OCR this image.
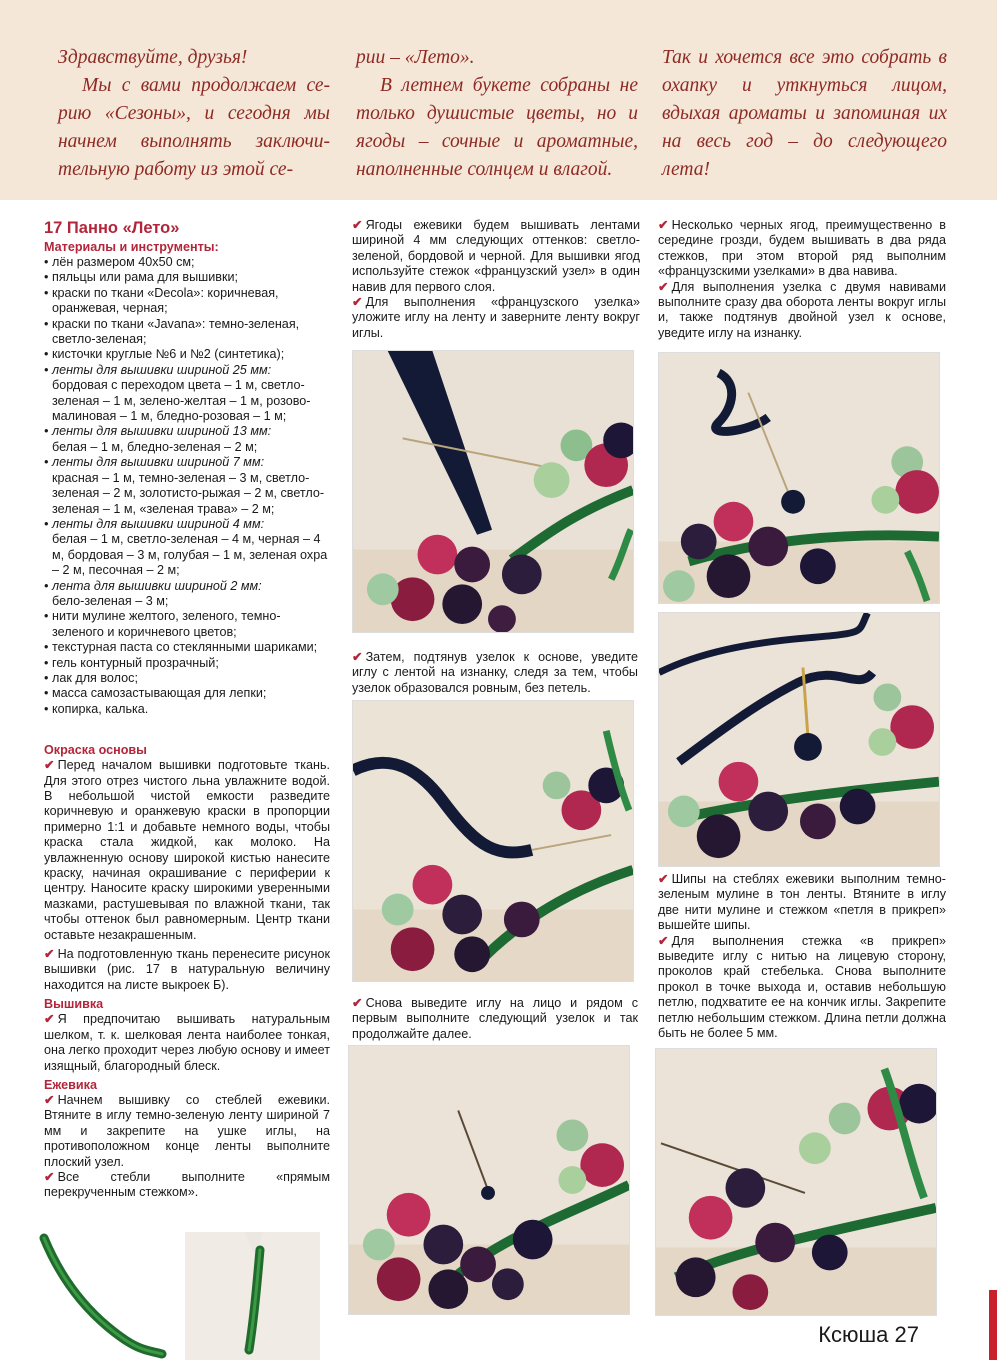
Здравствуйте, друзья!

Мы с вами продолжаем се-рию «Сезоны», и сегодня мы начнем выполнять заключи-тельную работу из этой се-

рии – «Лето».

В летнем букете собраны не только душистые цветы, но и ягоды – сочные и ароматные, наполненные солнцем и влагой.

Так и хочется все это собрать в охапку и уткнуться лицом, вдыхая ароматы и запоминая их на весь год – до следующего лета!

17 Панно «Лето»
Материалы и инструменты:
• лён размером 40х50 см;
• пяльцы или рама для вышивки;
• краски по ткани «Decola»: коричневая, оранжевая, черная;
• краски по ткани «Javana»: темно-зеленая, светло-зеленая;
• кисточки круглые №6 и №2 (синтетика);
• ленты для вышивки шириной 25 мм:
бордовая с переходом цвета – 1 м, светло-зеленая – 1 м, зелено-желтая – 1 м, розово-малиновая – 1 м, бледно-розовая – 1 м;
• ленты для вышивки шириной 13 мм:
белая – 1 м, бледно-зеленая – 2 м;
• ленты для вышивки шириной 7 мм:
красная – 1 м, темно-зеленая – 3 м, светло-зеленая – 2 м, золотисто-рыжая – 2 м, светло-зеленая – 1 м, «зеленая трава» – 2 м;
• ленты для вышивки шириной 4 мм:
белая – 1 м, светло-зеленая – 4 м, черная – 4 м, бордовая – 3 м, голубая – 1 м, зеленая охра – 2 м, песочная – 2 м;
• лента для вышивки шириной 2 мм:
бело-зеленая – 3 м;
• нити мулине желтого, зеленого, темно-зеленого и коричневого цветов;
• текстурная паста со стеклянными шариками;
• гель контурный прозрачный;
• лак для волос;
• масса самозастывающая для лепки;
• копирка, калька.
Окраска основы

✔ Перед началом вышивки подготовьте ткань. Для этого отрез чистого льна увлажните водой. В небольшой чистой емкости разведите коричневую и оранжевую краски в пропорции примерно 1:1 и добавьте немного воды, чтобы краска стала жидкой, как молоко. На увлажненную основу широкой кистью нанесите краску, начиная окрашивание с периферии к центру. Наносите краску широкими уверенными мазками, растушевывая по влажной ткани, так чтобы оттенок был равномерным. Центр ткани оставьте незакрашенным.

✔ На подготовленную ткань перенесите рисунок вышивки (рис. 17 в натуральную величину находится на листе выкроек Б).

Вышивка

✔ Я предпочитаю вышивать натуральным шелком, т. к. шелковая лента наиболее тонкая, она легко проходит через любую основу и имеет изящный, благородный блеск.

Ежевика

✔ Начнем вышивку со стеблей ежевики. Втяните в иглу темно-зеленую ленту шириной 7 мм и закрепите на ушке иглы, на противоположном конце ленты выполните плоский узел.

✔ Все стебли выполните «прямым перекрученным стежком».

✔ Ягоды ежевики будем вышивать лентами шириной 4 мм следующих оттенков: светло-зеленой, бордовой и черной. Для вышивки ягод используйте стежок «французский узел» в один навив для первого слоя.

✔ Для выполнения «французского узелка» уложите иглу на ленту и заверните ленту вокруг иглы.

✔ Затем, подтянув узелок к основе, уведите иглу с лентой на изнанку, следя за тем, чтобы узелок образовался ровным, без петель.

✔ Снова выведите иглу на лицо и рядом с первым выполните следующий узелок и так продолжайте далее.

✔ Несколько черных ягод, преимущественно в середине грозди, будем вышивать в два ряда стежков, при этом второй ряд выполним «французскими узелками» в два навива.

✔ Для выполнения узелка с двумя навивами выполните сразу два оборота ленты вокруг иглы и, также подтянув двойной узел к основе, уведите иглу на изнанку.

✔ Шипы на стеблях ежевики выполним темно-зеленым мулине в тон ленты. Втяните в иглу две нити мулине и стежком «петля в прикреп» вышейте шипы.

✔ Для выполнения стежка «в прикреп» выведите иглу с нитью на лицевую сторону, проколов край стебелька. Снова выполните прокол в точке выхода и, оставив небольшую петлю, подхватите ее на кончик иглы. Закрепите петлю небольшим стежком. Длина петли должна быть не более 5 мм.

Ксюша 27
